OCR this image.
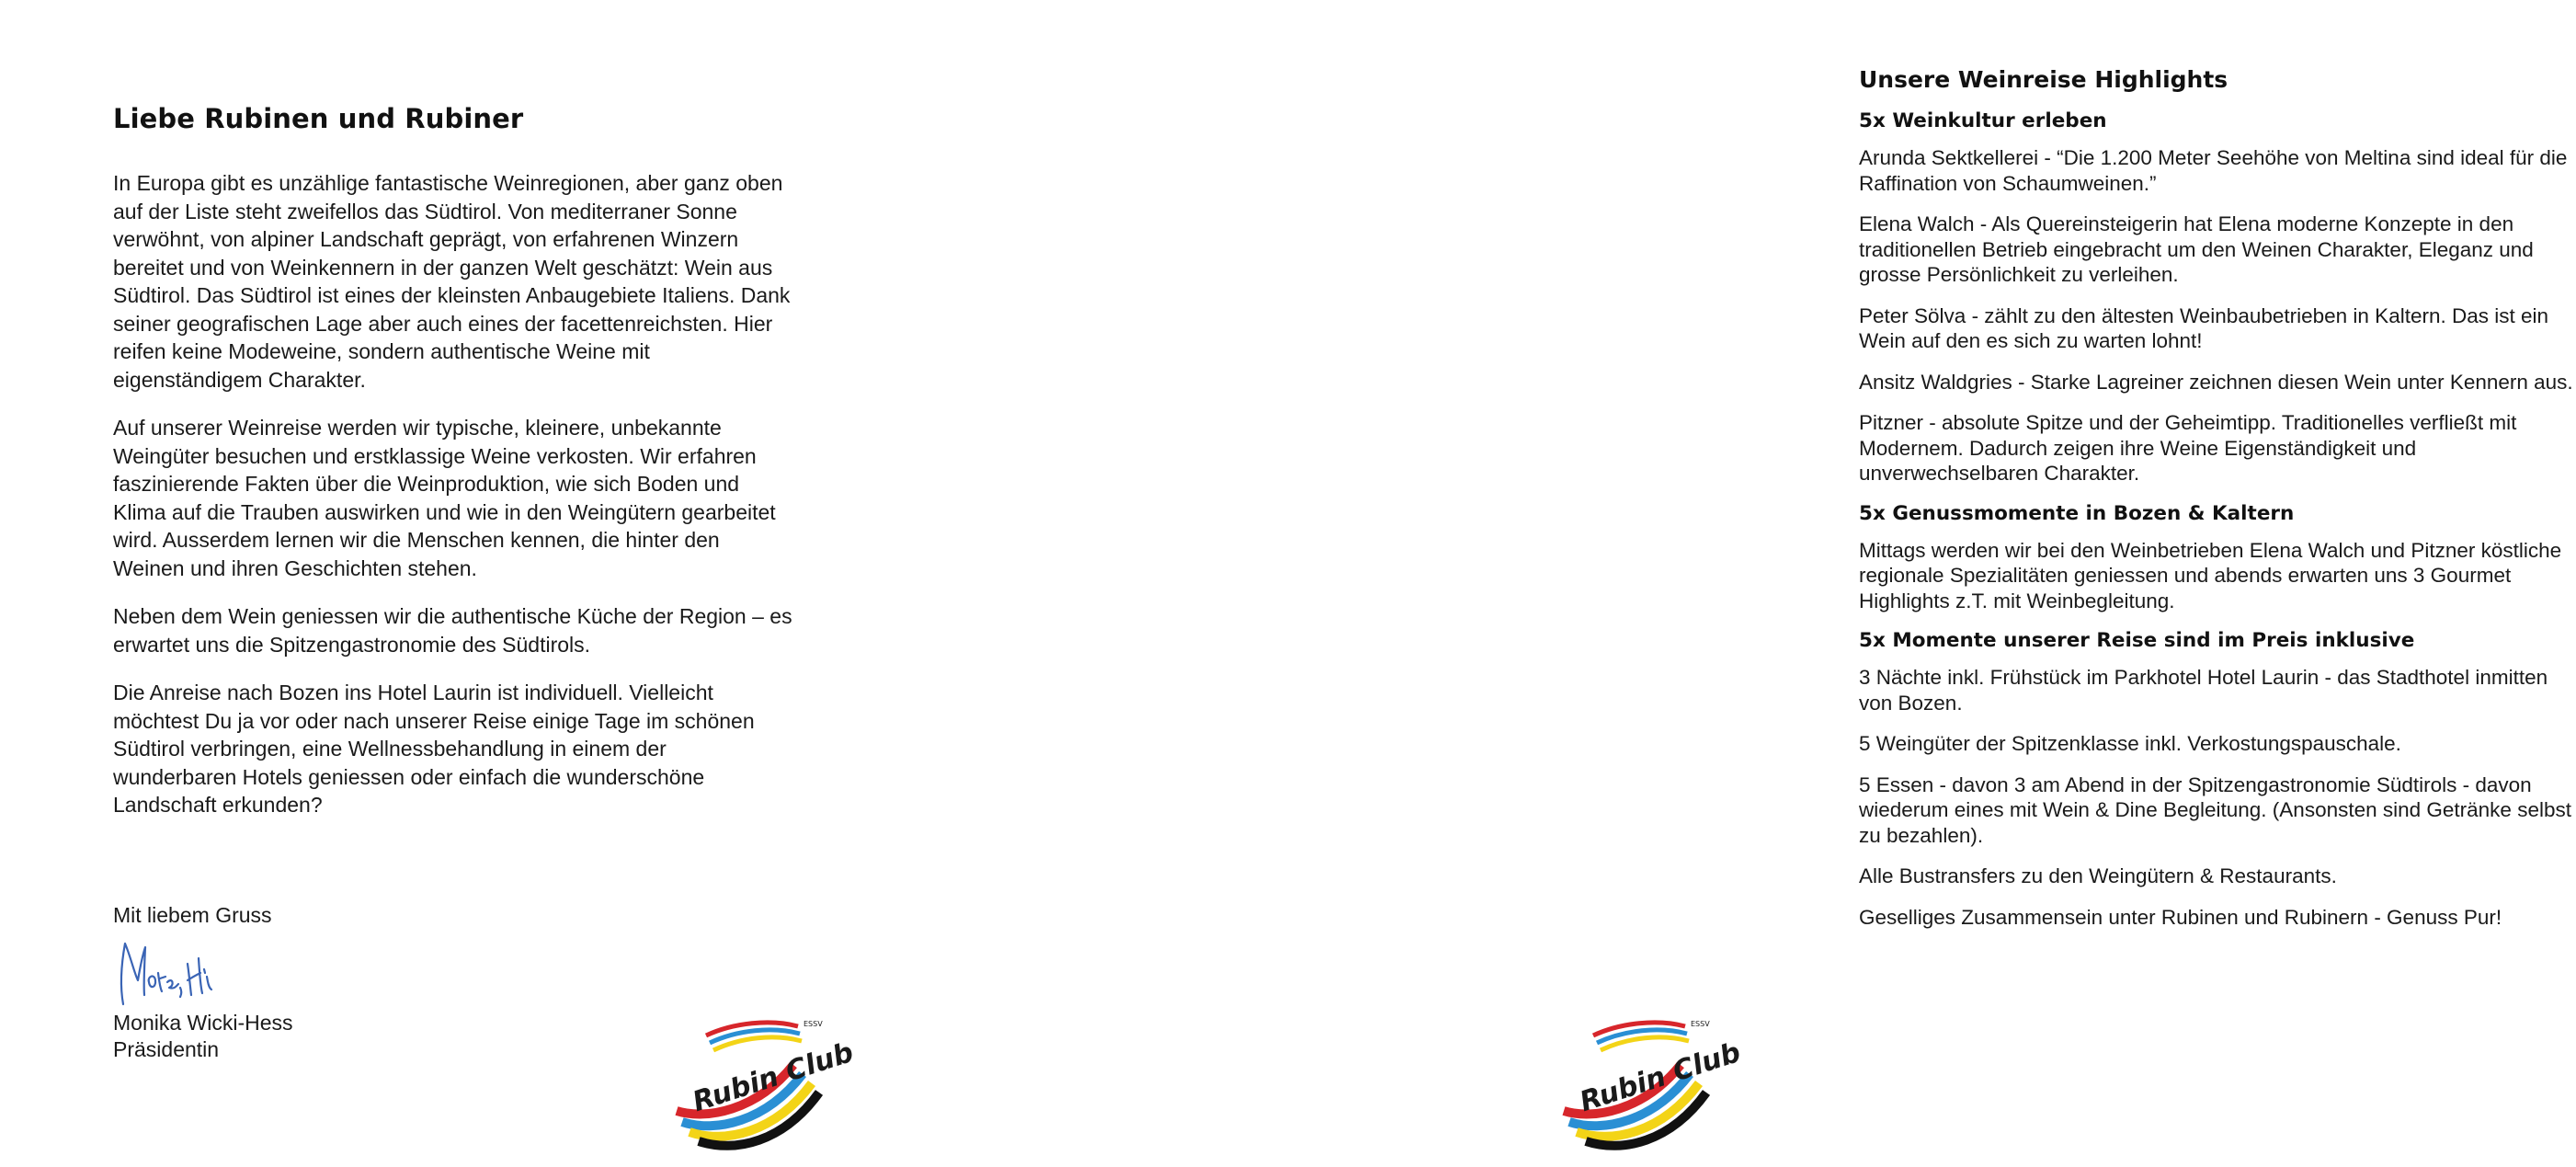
Liebe Rubinen und Rubiner

In Europa gibt es unzählige fantastische Weinregionen, aber ganz oben auf der Liste steht zweifellos das Südtirol. Von mediterraner Sonne verwöhnt, von alpiner Landschaft geprägt, von erfahrenen Winzern bereitet und von Weinkennern in der ganzen Welt geschätzt: Wein aus Südtirol. Das Südtirol ist eines der kleinsten Anbaugebiete Italiens. Dank seiner geografischen Lage aber auch eines der facettenreichsten. Hier reifen keine Modeweine, sondern authentische Weine mit eigenständigem Charakter.

Auf unserer Weinreise werden wir typische, kleinere, unbekannte Weingüter besuchen und erstklassige Weine verkosten. Wir erfahren faszinierende Fakten über die Weinproduktion, wie sich Boden und Klima auf die Trauben auswirken und wie in den Weingütern gearbeitet wird. Ausserdem lernen wir die Menschen kennen, die hinter den Weinen und ihren Geschichten stehen.

Neben dem Wein geniessen wir die authentische Küche der Region – es erwartet uns die Spitzengastronomie des Südtirols.

Die Anreise nach Bozen ins Hotel Laurin ist individuell. Vielleicht möchtest Du ja vor oder nach unserer Reise einige Tage im schönen Südtirol verbringen, eine Wellnessbehandlung in einem der wunderbaren Hotels geniessen oder einfach die wunderschöne Landschaft erkunden?

Mit liebem Gruss
Monika Wicki-Hess
Präsidentin
ESSV
Rubin Club
Unsere Weinreise Highlights
5x Weinkultur erleben

Arunda Sektkellerei - “Die 1.200 Meter Seehöhe von Meltina sind ideal für die Raffination von Schaumweinen.”

Elena Walch - Als Quereinsteigerin hat Elena moderne Konzepte in den traditionellen Betrieb eingebracht um den Weinen Charakter, Eleganz und grosse Persönlichkeit zu verleihen.

Peter Sölva - zählt zu den ältesten Weinbaubetrieben in Kaltern. Das ist ein Wein auf den es sich zu warten lohnt!

Ansitz Waldgries - Starke Lagreiner zeichnen diesen Wein unter Kennern aus.

Pitzner - absolute Spitze und der Geheimtipp. Traditionelles verfließt mit Modernem. Dadurch zeigen ihre Weine Eigenständigkeit und unverwechselbaren Charakter.

5x Genussmomente in Bozen & Kaltern

Mittags werden wir bei den Weinbetrieben Elena Walch und Pitzner köstliche regionale Spezialitäten geniessen und abends erwarten uns 3 Gourmet Highlights z.T. mit Weinbegleitung.

5x Momente unserer Reise sind im Preis inklusive

3 Nächte inkl. Frühstück im Parkhotel Hotel Laurin - das Stadthotel inmitten von Bozen.

5 Weingüter der Spitzenklasse inkl. Verkostungspauschale.

5 Essen - davon 3 am Abend in der Spitzengastronomie Südtirols - davon wiederum eines mit Wein & Dine Begleitung. (Ansonsten sind Getränke selbst zu bezahlen).

Alle Bustransfers zu den Weingütern & Restaurants.

Geselliges Zusammensein unter Rubinen und Rubinern - Genuss Pur!

ESSV
Rubin Club
